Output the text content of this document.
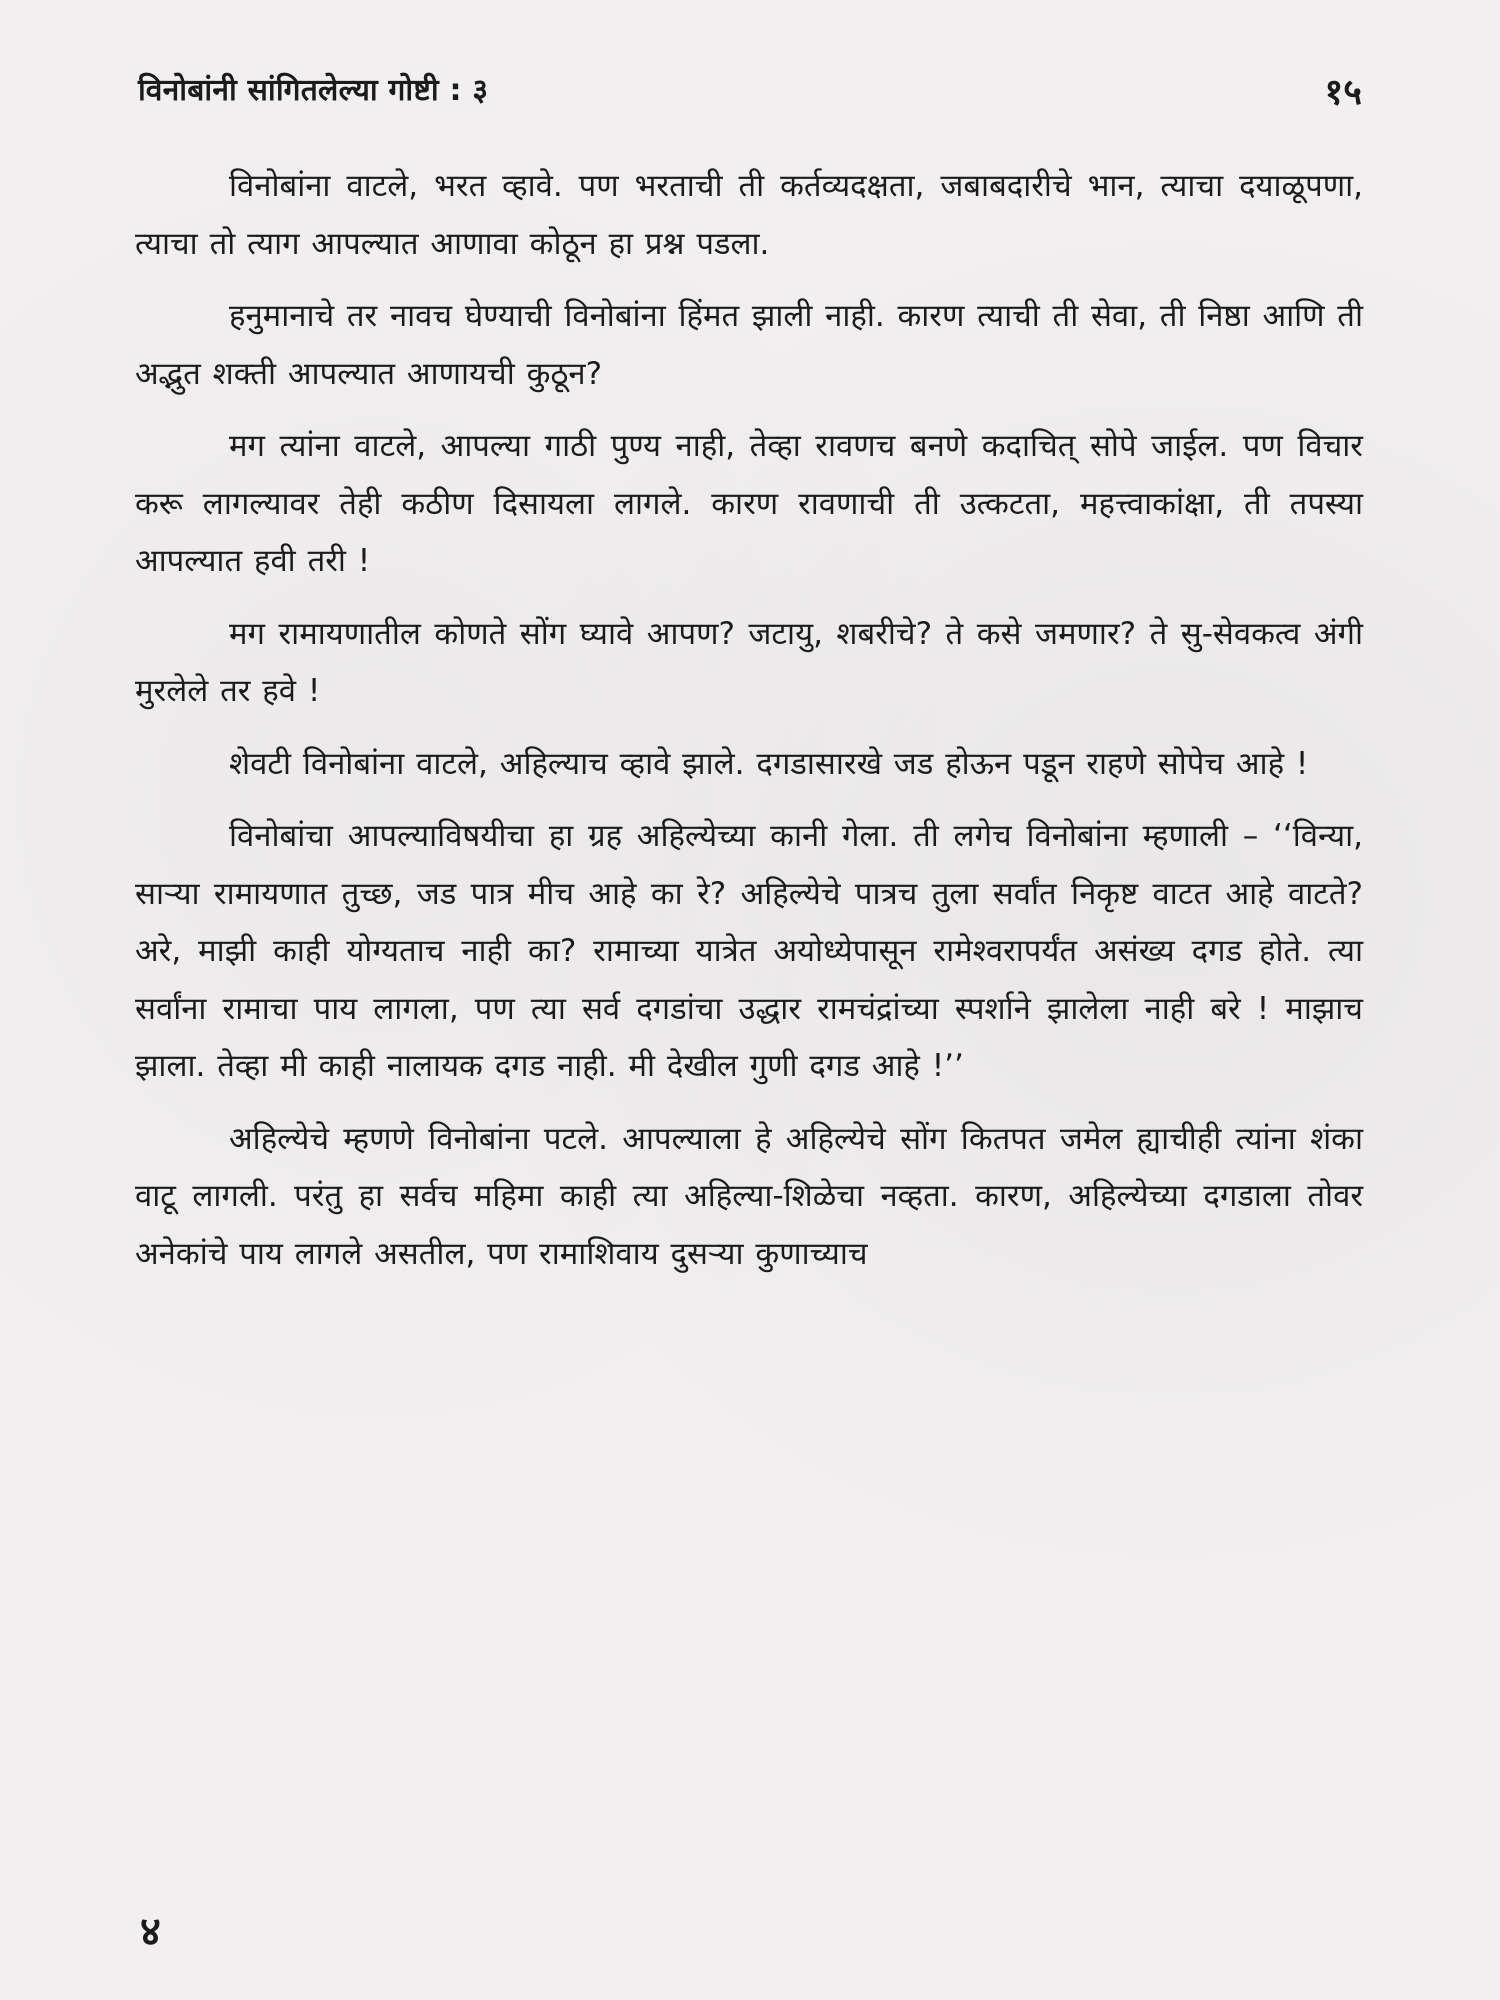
विनोबांनी सांगितलेल्या गोष्टी : ३	१५

विनोबांना वाटले, भरत व्हावे. पण भरताची ती कर्तव्यदक्षता, जबाबदारीचे भान, त्याचा दयाळूपणा, त्याचा तो त्याग आपल्यात आणावा कोठून हा प्रश्न पडला.

हनुमानाचे तर नावच घेण्याची विनोबांना हिंमत झाली नाही. कारण त्याची ती सेवा, ती निष्ठा आणि ती अद्भुत शक्ती आपल्यात आणायची कुठून?

मग त्यांना वाटले, आपल्या गाठी पुण्य नाही, तेव्हा रावणच बनणे कदाचित् सोपे जाईल. पण विचार करू लागल्यावर तेही कठीण दिसायला लागले. कारण रावणाची ती उत्कटता, महत्त्वाकांक्षा, ती तपस्या आपल्यात हवी तरी !

मग रामायणातील कोणते सोंग घ्यावे आपण? जटायु, शबरीचे? ते कसे जमणार? ते सु-सेवकत्व अंगी मुरलेले तर हवे !

शेवटी विनोबांना वाटले, अहिल्याच व्हावे झाले. दगडासारखे जड होऊन पडून राहणे सोपेच आहे !

विनोबांचा आपल्याविषयीचा हा ग्रह अहिल्येच्या कानी गेला. ती लगेच विनोबांना म्हणाली – ‘‘विन्या, साऱ्या रामायणात तुच्छ, जड पात्र मीच आहे का रे? अहिल्येचे पात्रच तुला सर्वांत निकृष्ट वाटत आहे वाटते? अरे, माझी काही योग्यताच नाही का? रामाच्या यात्रेत अयोध्येपासून रामेश्वरापर्यंत असंख्य दगड होते. त्या सर्वांना रामाचा पाय लागला, पण त्या सर्व दगडांचा उद्धार रामचंद्रांच्या स्पर्शाने झालेला नाही बरे ! माझाच झाला. तेव्हा मी काही नालायक दगड नाही. मी देखील गुणी दगड आहे !’’

अहिल्येचे म्हणणे विनोबांना पटले. आपल्याला हे अहिल्येचे सोंग कितपत जमेल ह्याचीही त्यांना शंका वाटू लागली. परंतु हा सर्वच महिमा काही त्या अहिल्या-शिळेचा नव्हता. कारण, अहिल्येच्या दगडाला तोवर अनेकांचे पाय लागले असतील, पण रामाशिवाय दुसऱ्या कुणाच्याच

४
